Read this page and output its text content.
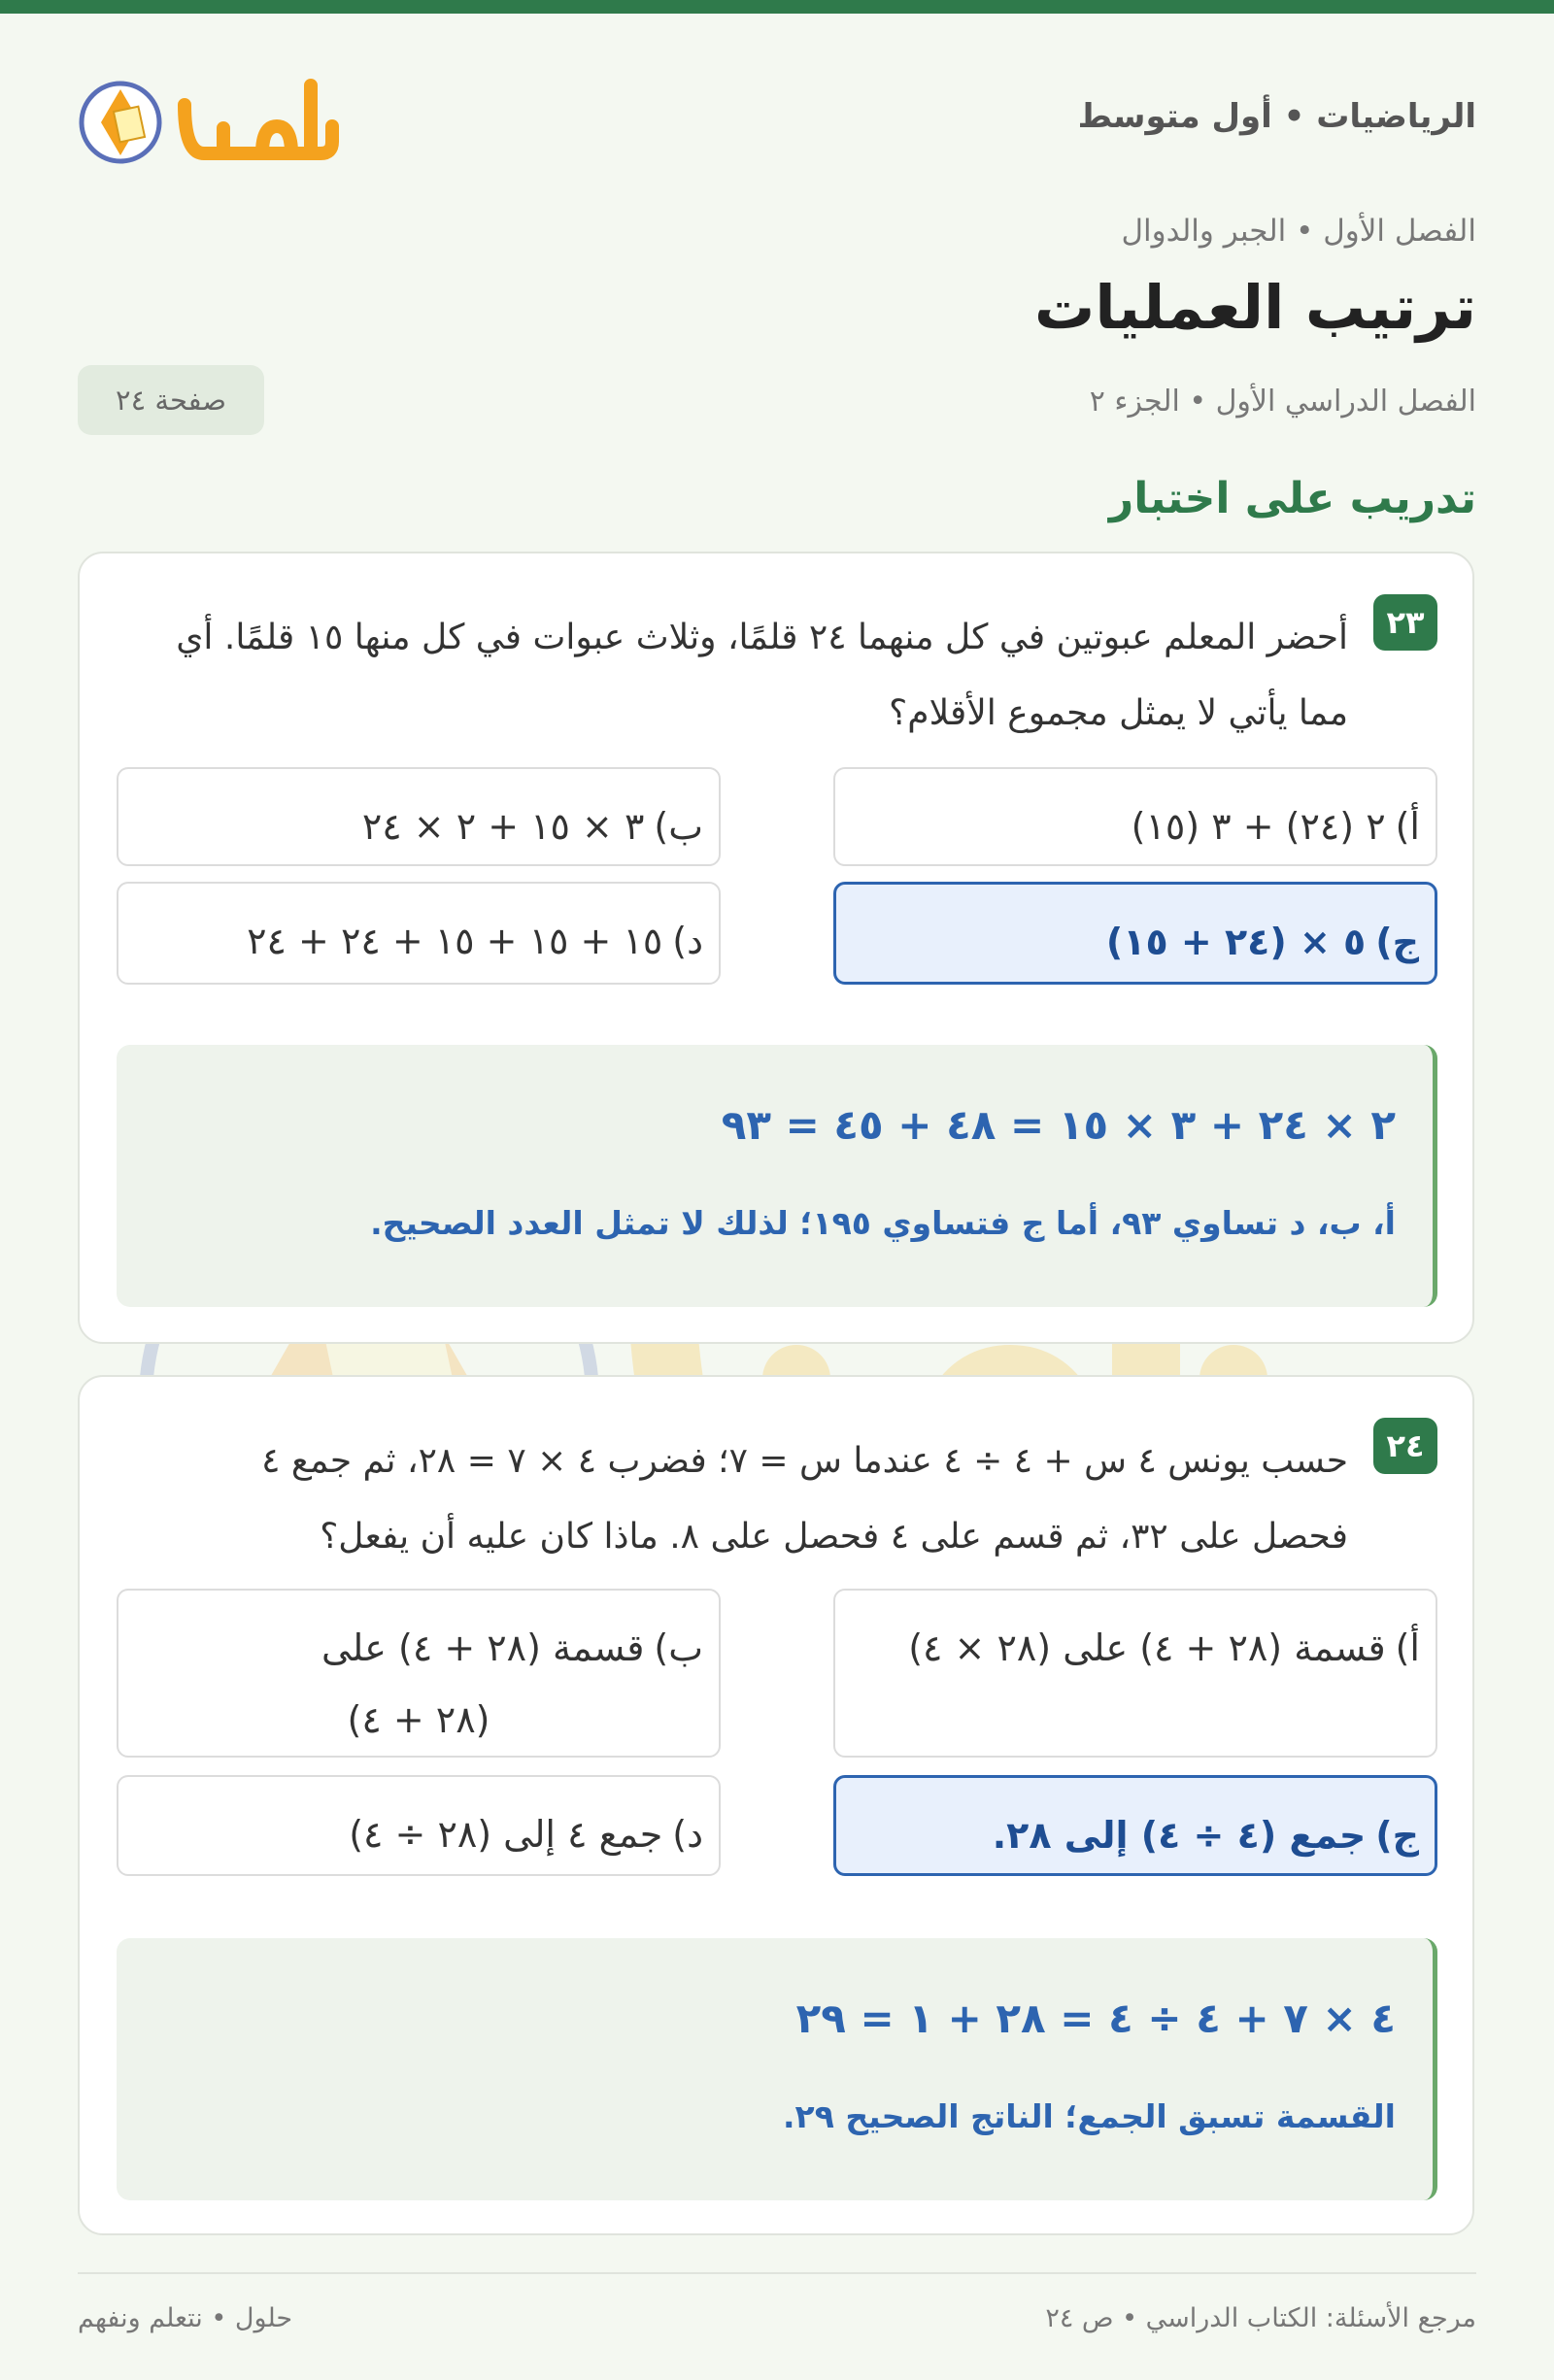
الرياضيات • أول متوسط
الفصل الأول • الجبر والدوال
ترتيب العمليات
الفصل الدراسي الأول • الجزء ٢
صفحة ٢٤
تدريب على اختبار
٢٣

أحضر المعلم عبوتين في كل منهما ٢٤ قلمًا، وثلاث عبوات في كل منها ١٥ قلمًا. أي مما يأتي لا يمثل مجموع الأقلام؟

أ)٢ (٢٤) + ٣ (١٥)
ب)٣ × ١٥ + ٢ × ٢٤
ج)٥ × (٢٤ + ١٥)
د)١٥ + ١٥ + ١٥ + ٢٤ + ٢٤

٢ × ٢٤ + ٣ × ١٥ = ٤٨ + ٤٥ = ٩٣

أ، ب، د تساوي ٩٣، أما ج فتساوي ١٩٥؛ لذلك لا تمثل العدد الصحيح.

٢٤

حسب يونس ٤ س + ٤ ÷ ٤ عندما س = ٧؛ فضرب ٤ × ٧ = ٢٨، ثم جمع ٤ فحصل على ٣٢، ثم قسم على ٤ فحصل على ٨. ماذا كان عليه أن يفعل؟

أ)قسمة (٢٨ + ٤) على (٢٨ × ٤)
ب)قسمة (٢٨ + ٤) على
(٢٨ + ٤)
ج)جمع (٤ ÷ ٤) إلى ٢٨.
د)جمع ٤ إلى (٢٨ ÷ ٤)

٤ × ٧ + ٤ ÷ ٤ = ٢٨ + ١ = ٢٩

القسمة تسبق الجمع؛ الناتج الصحيح ٢٩.

مرجع الأسئلة: الكتاب الدراسي • ص ٢٤
حلول • نتعلم ونفهم
